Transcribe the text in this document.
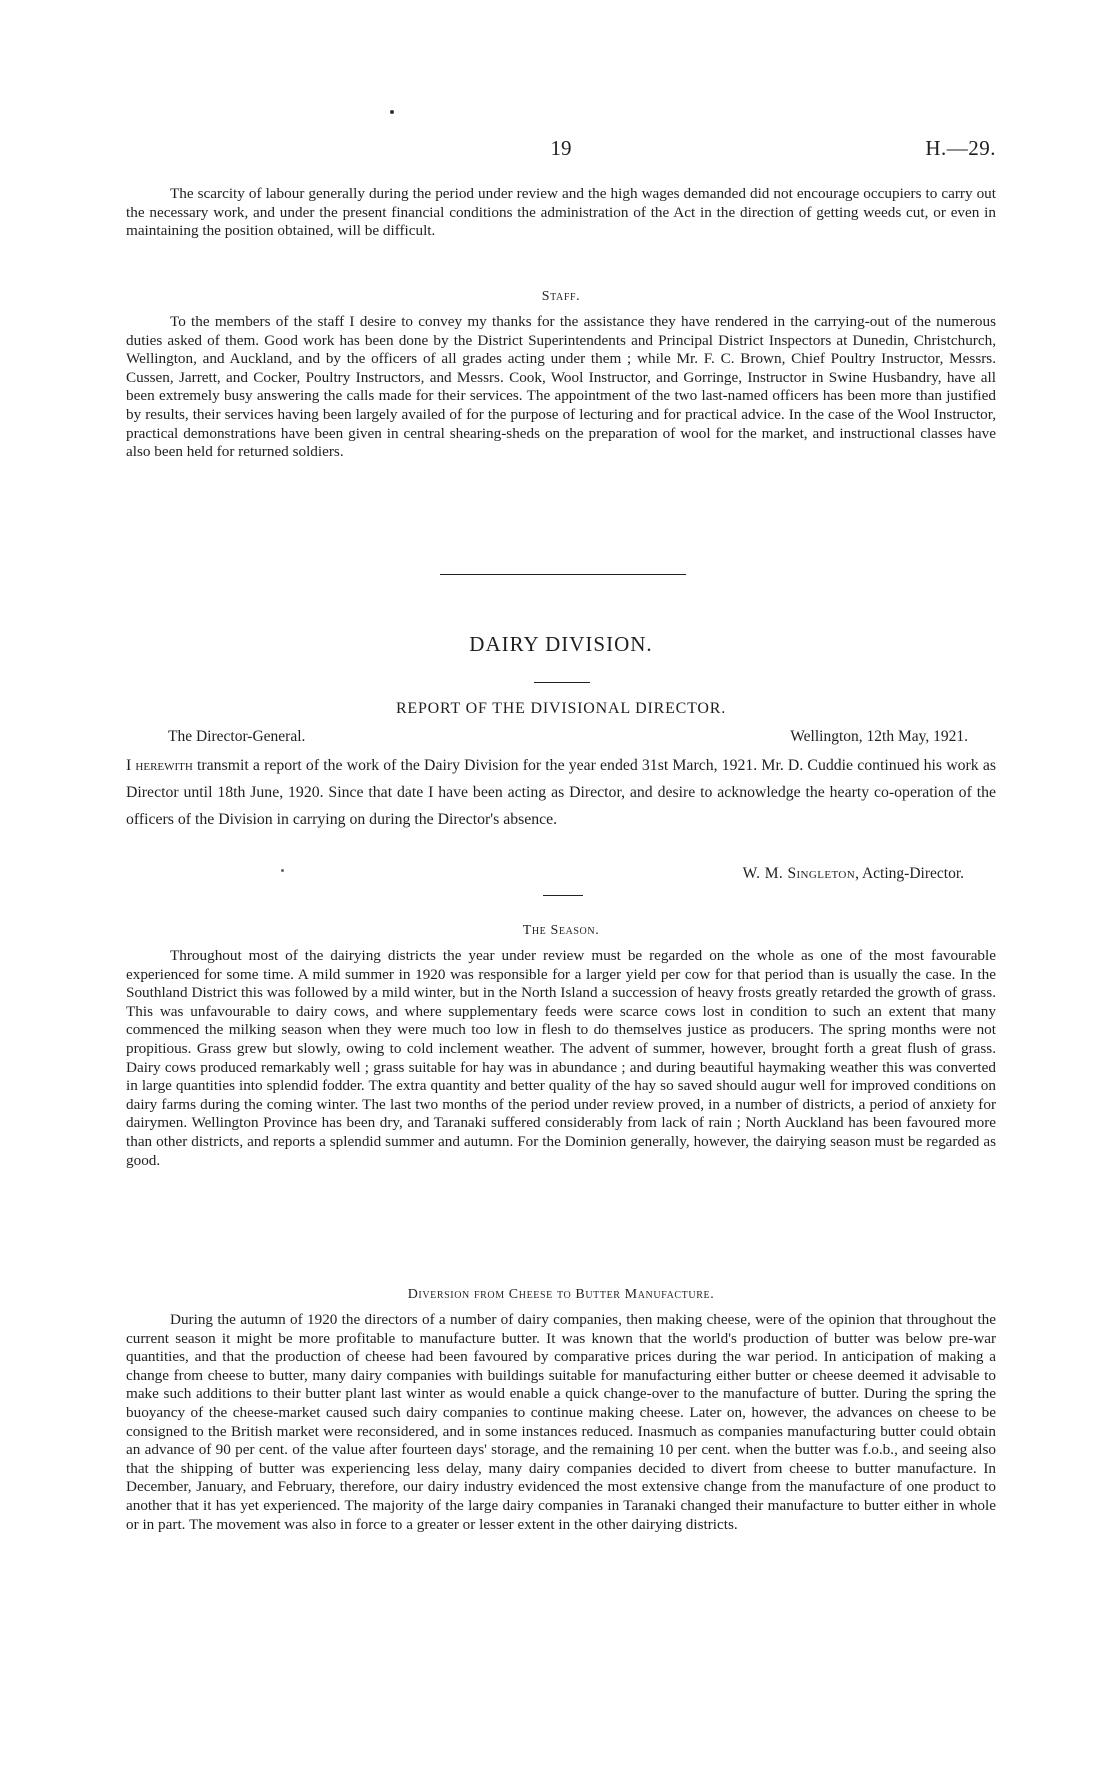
19	H.—29.

The scarcity of labour generally during the period under review and the high wages demanded did not encourage occupiers to carry out the necessary work, and under the present financial conditions the administration of the Act in the direction of getting weeds cut, or even in maintaining the position obtained, will be difficult.

Staff.

To the members of the staff I desire to convey my thanks for the assistance they have rendered in the carrying-out of the numerous duties asked of them. Good work has been done by the District Superintendents and Principal District Inspectors at Dunedin, Christchurch, Wellington, and Auckland, and by the officers of all grades acting under them ; while Mr. F. C. Brown, Chief Poultry Instructor, Messrs. Cussen, Jarrett, and Cocker, Poultry Instructors, and Messrs. Cook, Wool Instructor, and Gorringe, Instructor in Swine Husbandry, have all been extremely busy answering the calls made for their services. The appointment of the two last-named officers has been more than justified by results, their services having been largely availed of for the purpose of lecturing and for practical advice. In the case of the Wool Instructor, practical demonstrations have been given in central shearing-sheds on the preparation of wool for the market, and instructional classes have also been held for returned soldiers.

DAIRY DIVISION.
REPORT OF THE DIVISIONAL DIRECTOR.
The Director-General.	Wellington, 12th May, 1921.

I herewith transmit a report of the work of the Dairy Division for the year ended 31st March, 1921. Mr. D. Cuddie continued his work as Director until 18th June, 1920. Since that date I have been acting as Director, and desire to acknowledge the hearty co-operation of the officers of the Division in carrying on during the Director's absence.

W. M. Singleton, Acting-Director.

The Season.

Throughout most of the dairying districts the year under review must be regarded on the whole as one of the most favourable experienced for some time. A mild summer in 1920 was responsible for a larger yield per cow for that period than is usually the case. In the Southland District this was followed by a mild winter, but in the North Island a succession of heavy frosts greatly retarded the growth of grass. This was unfavourable to dairy cows, and where supplementary feeds were scarce cows lost in condition to such an extent that many commenced the milking season when they were much too low in flesh to do themselves justice as producers. The spring months were not propitious. Grass grew but slowly, owing to cold inclement weather. The advent of summer, however, brought forth a great flush of grass. Dairy cows produced remarkably well ; grass suitable for hay was in abundance ; and during beautiful haymaking weather this was converted in large quantities into splendid fodder. The extra quantity and better quality of the hay so saved should augur well for improved conditions on dairy farms during the coming winter. The last two months of the period under review proved, in a number of districts, a period of anxiety for dairymen. Wellington Province has been dry, and Taranaki suffered considerably from lack of rain ; North Auckland has been favoured more than other districts, and reports a splendid summer and autumn. For the Dominion generally, however, the dairying season must be regarded as good.

Diversion from Cheese to Butter Manufacture.

During the autumn of 1920 the directors of a number of dairy companies, then making cheese, were of the opinion that throughout the current season it might be more profitable to manufacture butter. It was known that the world's production of butter was below pre-war quantities, and that the production of cheese had been favoured by comparative prices during the war period. In anticipation of making a change from cheese to butter, many dairy companies with buildings suitable for manufacturing either butter or cheese deemed it advisable to make such additions to their butter plant last winter as would enable a quick change-over to the manufacture of butter. During the spring the buoyancy of the cheese-market caused such dairy companies to continue making cheese. Later on, however, the advances on cheese to be consigned to the British market were reconsidered, and in some instances reduced. Inasmuch as companies manufacturing butter could obtain an advance of 90 per cent. of the value after fourteen days' storage, and the remaining 10 per cent. when the butter was f.o.b., and seeing also that the shipping of butter was experiencing less delay, many dairy companies decided to divert from cheese to butter manufacture. In December, January, and February, therefore, our dairy industry evidenced the most extensive change from the manufacture of one product to another that it has yet experienced. The majority of the large dairy companies in Taranaki changed their manufacture to butter either in whole or in part. The movement was also in force to a greater or lesser extent in the other dairying districts.
